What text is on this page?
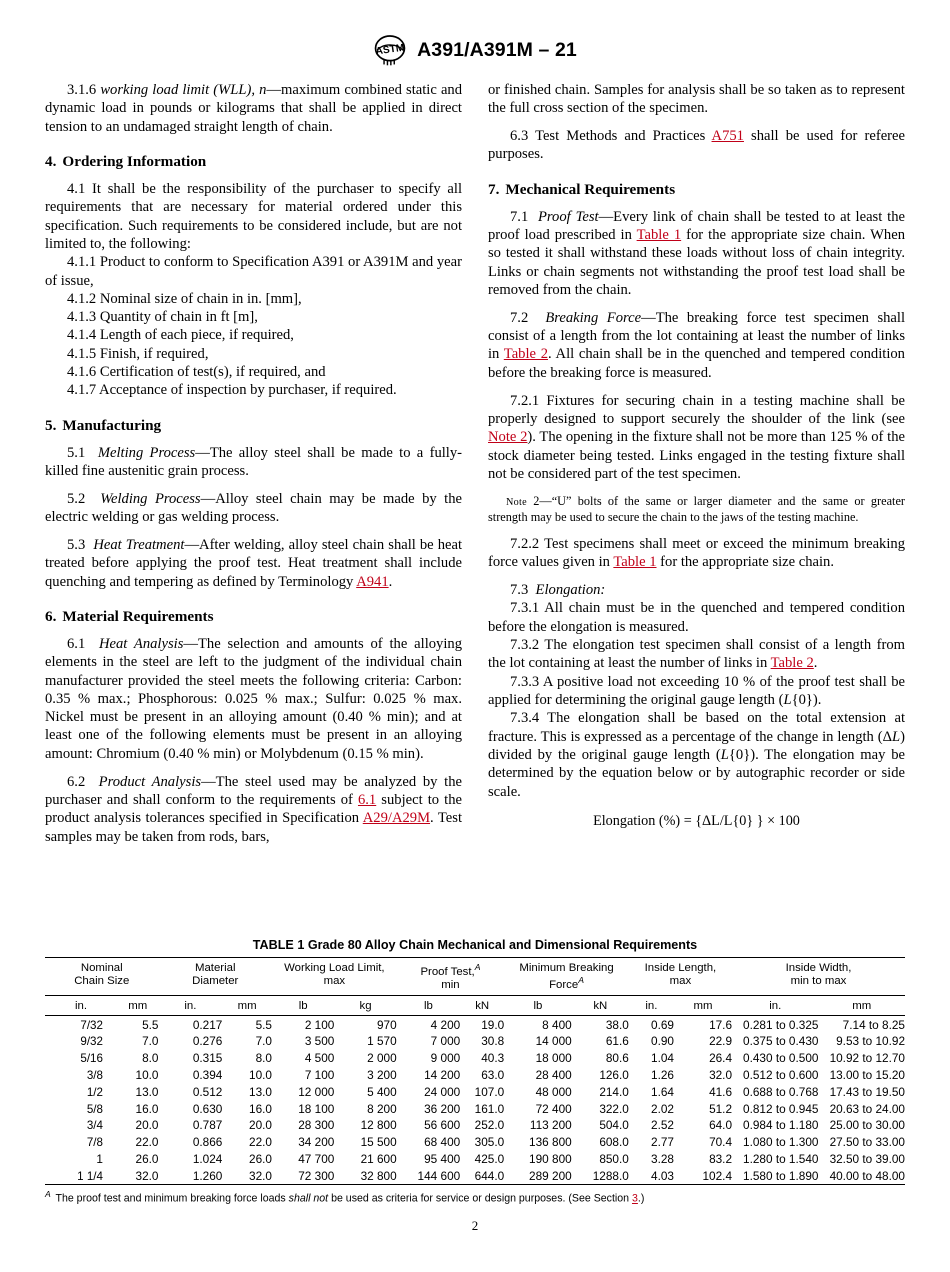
ASTM A391/A391M – 21

3.1.6 working load limit (WLL), n—maximum combined static and dynamic load in pounds or kilograms that shall be applied in direct tension to an undamaged straight length of chain.

4. Ordering Information

4.1 It shall be the responsibility of the purchaser to specify all requirements that are necessary for material ordered under this specification. Such requirements to be considered include, but are not limited to, the following:

4.1.1 Product to conform to Specification A391 or A391M and year of issue,

4.1.2 Nominal size of chain in in. [mm],

4.1.3 Quantity of chain in ft [m],

4.1.4 Length of each piece, if required,

4.1.5 Finish, if required,

4.1.6 Certification of test(s), if required, and

4.1.7 Acceptance of inspection by purchaser, if required.

5. Manufacturing

5.1 Melting Process—The alloy steel shall be made to a fully-killed fine austenitic grain process.

5.2 Welding Process—Alloy steel chain may be made by the electric welding or gas welding process.

5.3 Heat Treatment—After welding, alloy steel chain shall be heat treated before applying the proof test. Heat treatment shall include quenching and tempering as defined by Terminology A941.

6. Material Requirements

6.1 Heat Analysis—The selection and amounts of the alloying elements in the steel are left to the judgment of the individual chain manufacturer provided the steel meets the following criteria: Carbon: 0.35 % max.; Phosphorous: 0.025 % max.; Sulfur: 0.025 % max. Nickel must be present in an alloying amount (0.40 % min); and at least one of the following elements must be present in an alloying amount: Chromium (0.40 % min) or Molybdenum (0.15 % min).

6.2 Product Analysis—The steel used may be analyzed by the purchaser and shall conform to the requirements of 6.1 subject to the product analysis tolerances specified in Specification A29/A29M. Test samples may be taken from rods, bars,

or finished chain. Samples for analysis shall be so taken as to represent the full cross section of the specimen.

6.3 Test Methods and Practices A751 shall be used for referee purposes.

7. Mechanical Requirements

7.1 Proof Test—Every link of chain shall be tested to at least the proof load prescribed in Table 1 for the appropriate size chain. When so tested it shall withstand these loads without loss of chain integrity. Links or chain segments not withstanding the proof test load shall be removed from the chain.

7.2 Breaking Force—The breaking force test specimen shall consist of a length from the lot containing at least the number of links in Table 2. All chain shall be in the quenched and tempered condition before the breaking force is measured.

7.2.1 Fixtures for securing chain in a testing machine shall be properly designed to support securely the shoulder of the link (see Note 2). The opening in the fixture shall not be more than 125 % of the stock diameter being tested. Links engaged in the testing fixture shall not be considered part of the test specimen.

Note 2—“U” bolts of the same or larger diameter and the same or greater strength may be used to secure the chain to the jaws of the testing machine.

7.2.2 Test specimens shall meet or exceed the minimum breaking force values given in Table 1 for the appropriate size chain.

7.3 Elongation:

7.3.1 All chain must be in the quenched and tempered condition before the elongation is measured.

7.3.2 The elongation test specimen shall consist of a length from the lot containing at least the number of links in Table 2.

7.3.3 A positive load not exceeding 10 % of the proof test shall be applied for determining the original gauge length (L{0}).

7.3.4 The elongation shall be based on the total extension at fracture. This is expressed as a percentage of the change in length (ΔL) divided by the original gauge length (L{0}). The elongation may be determined by the equation below or by autographic recorder or side scale.

Elongation (%) = {ΔL/L{0} } × 100

TABLE 1 Grade 80 Alloy Chain Mechanical and Dimensional Requirements
Nominal
Chain Size		Material
Diameter		Working Load Limit,
max		Proof Test,$^A$
min		Minimum Breaking
Force$^A$		Inside Length,
max		Inside Width,
min to max	
in.	mm	in.	mm	lb	kg	lb	kN	lb	kN	in.	mm	in.	mm
7/32	5.5	0.217	5.5	2 100	970	4 200	19.0	8 400	38.0	0.69	17.6	0.281 to 0.325	7.14 to 8.25
9/32	7.0	0.276	7.0	3 500	1 570	7 000	30.8	14 000	61.6	0.90	22.9	0.375 to 0.430	9.53 to 10.92
5/16	8.0	0.315	8.0	4 500	2 000	9 000	40.3	18 000	80.6	1.04	26.4	0.430 to 0.500	10.92 to 12.70
3/8	10.0	0.394	10.0	7 100	3 200	14 200	63.0	28 400	126.0	1.26	32.0	0.512 to 0.600	13.00 to 15.20
1/2	13.0	0.512	13.0	12 000	5 400	24 000	107.0	48 000	214.0	1.64	41.6	0.688 to 0.768	17.43 to 19.50
5/8	16.0	0.630	16.0	18 100	8 200	36 200	161.0	72 400	322.0	2.02	51.2	0.812 to 0.945	20.63 to 24.00
3/4	20.0	0.787	20.0	28 300	12 800	56 600	252.0	113 200	504.0	2.52	64.0	0.984 to 1.180	25.00 to 30.00
7/8	22.0	0.866	22.0	34 200	15 500	68 400	305.0	136 800	608.0	2.77	70.4	1.080 to 1.300	27.50 to 33.00
1	26.0	1.024	26.0	47 700	21 600	95 400	425.0	190 800	850.0	3.28	83.2	1.280 to 1.540	32.50 to 39.00
1 1/4	32.0	1.260	32.0	72 300	32 800	144 600	644.0	289 200	1288.0	4.03	102.4	1.580 to 1.890	40.00 to 48.00
$^A$ The proof test and minimum breaking force loads shall not be used as criteria for service or design purposes. (See Section 3.)
2
